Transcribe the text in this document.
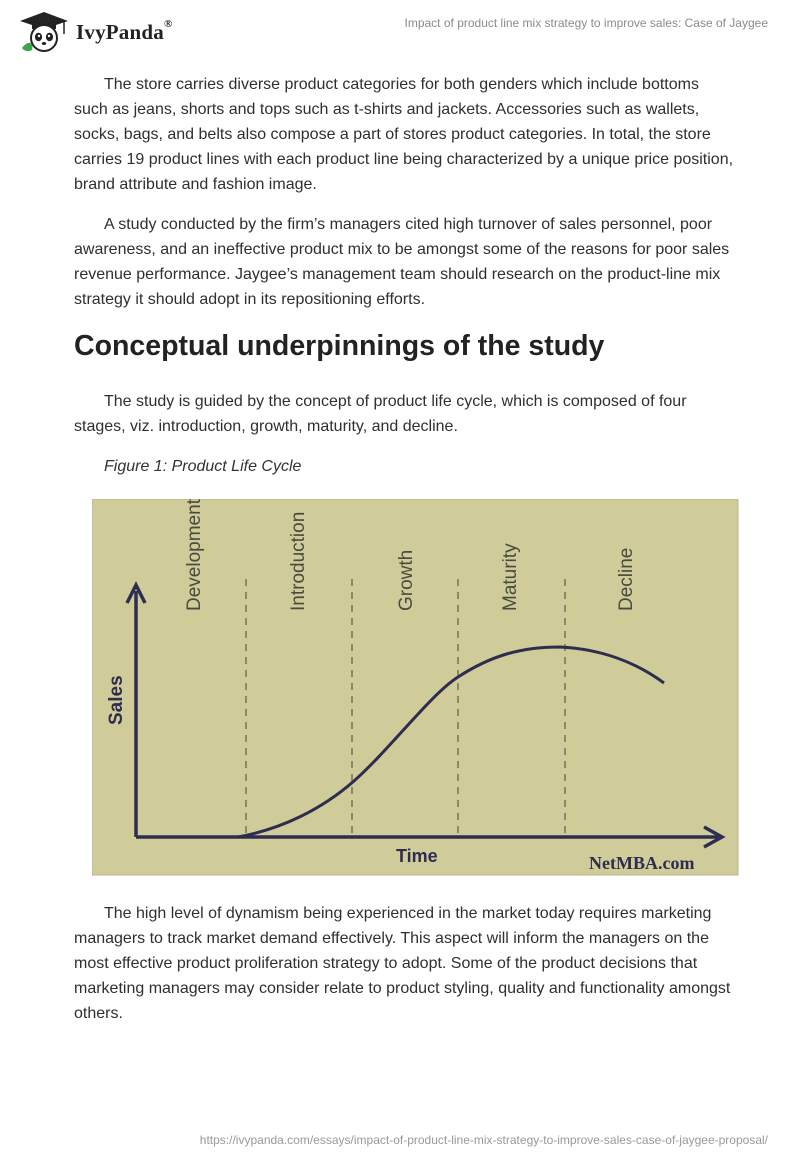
IvyPanda®	Impact of product line mix strategy to improve sales: Case of Jaygee

The store carries diverse product categories for both genders which include bottoms such as jeans, shorts and tops such as t-shirts and jackets. Accessories such as wallets, socks, bags, and belts also compose a part of stores product categories. In total, the store carries 19 product lines with each product line being characterized by a unique price position, brand attribute and fashion image.

A study conducted by the firm’s managers cited high turnover of sales personnel, poor awareness, and an ineffective product mix to be amongst some of the reasons for poor sales revenue performance. Jaygee’s management team should research on the product-line mix strategy it should adopt in its repositioning efforts.

Conceptual underpinnings of the study

The study is guided by the concept of product life cycle, which is composed of four stages, viz. introduction, growth, maturity, and decline.

Figure 1: Product Life Cycle
Development	Introduction	Growth	Maturity	Decline
Sales
Time	NetMBA.com

The high level of dynamism being experienced in the market today requires marketing managers to track market demand effectively. This aspect will inform the managers on the most effective product proliferation strategy to adopt. Some of the product decisions that marketing managers may consider relate to product styling, quality and functionality amongst others.

https://ivypanda.com/essays/impact-of-product-line-mix-strategy-to-improve-sales-case-of-jaygee-proposal/
